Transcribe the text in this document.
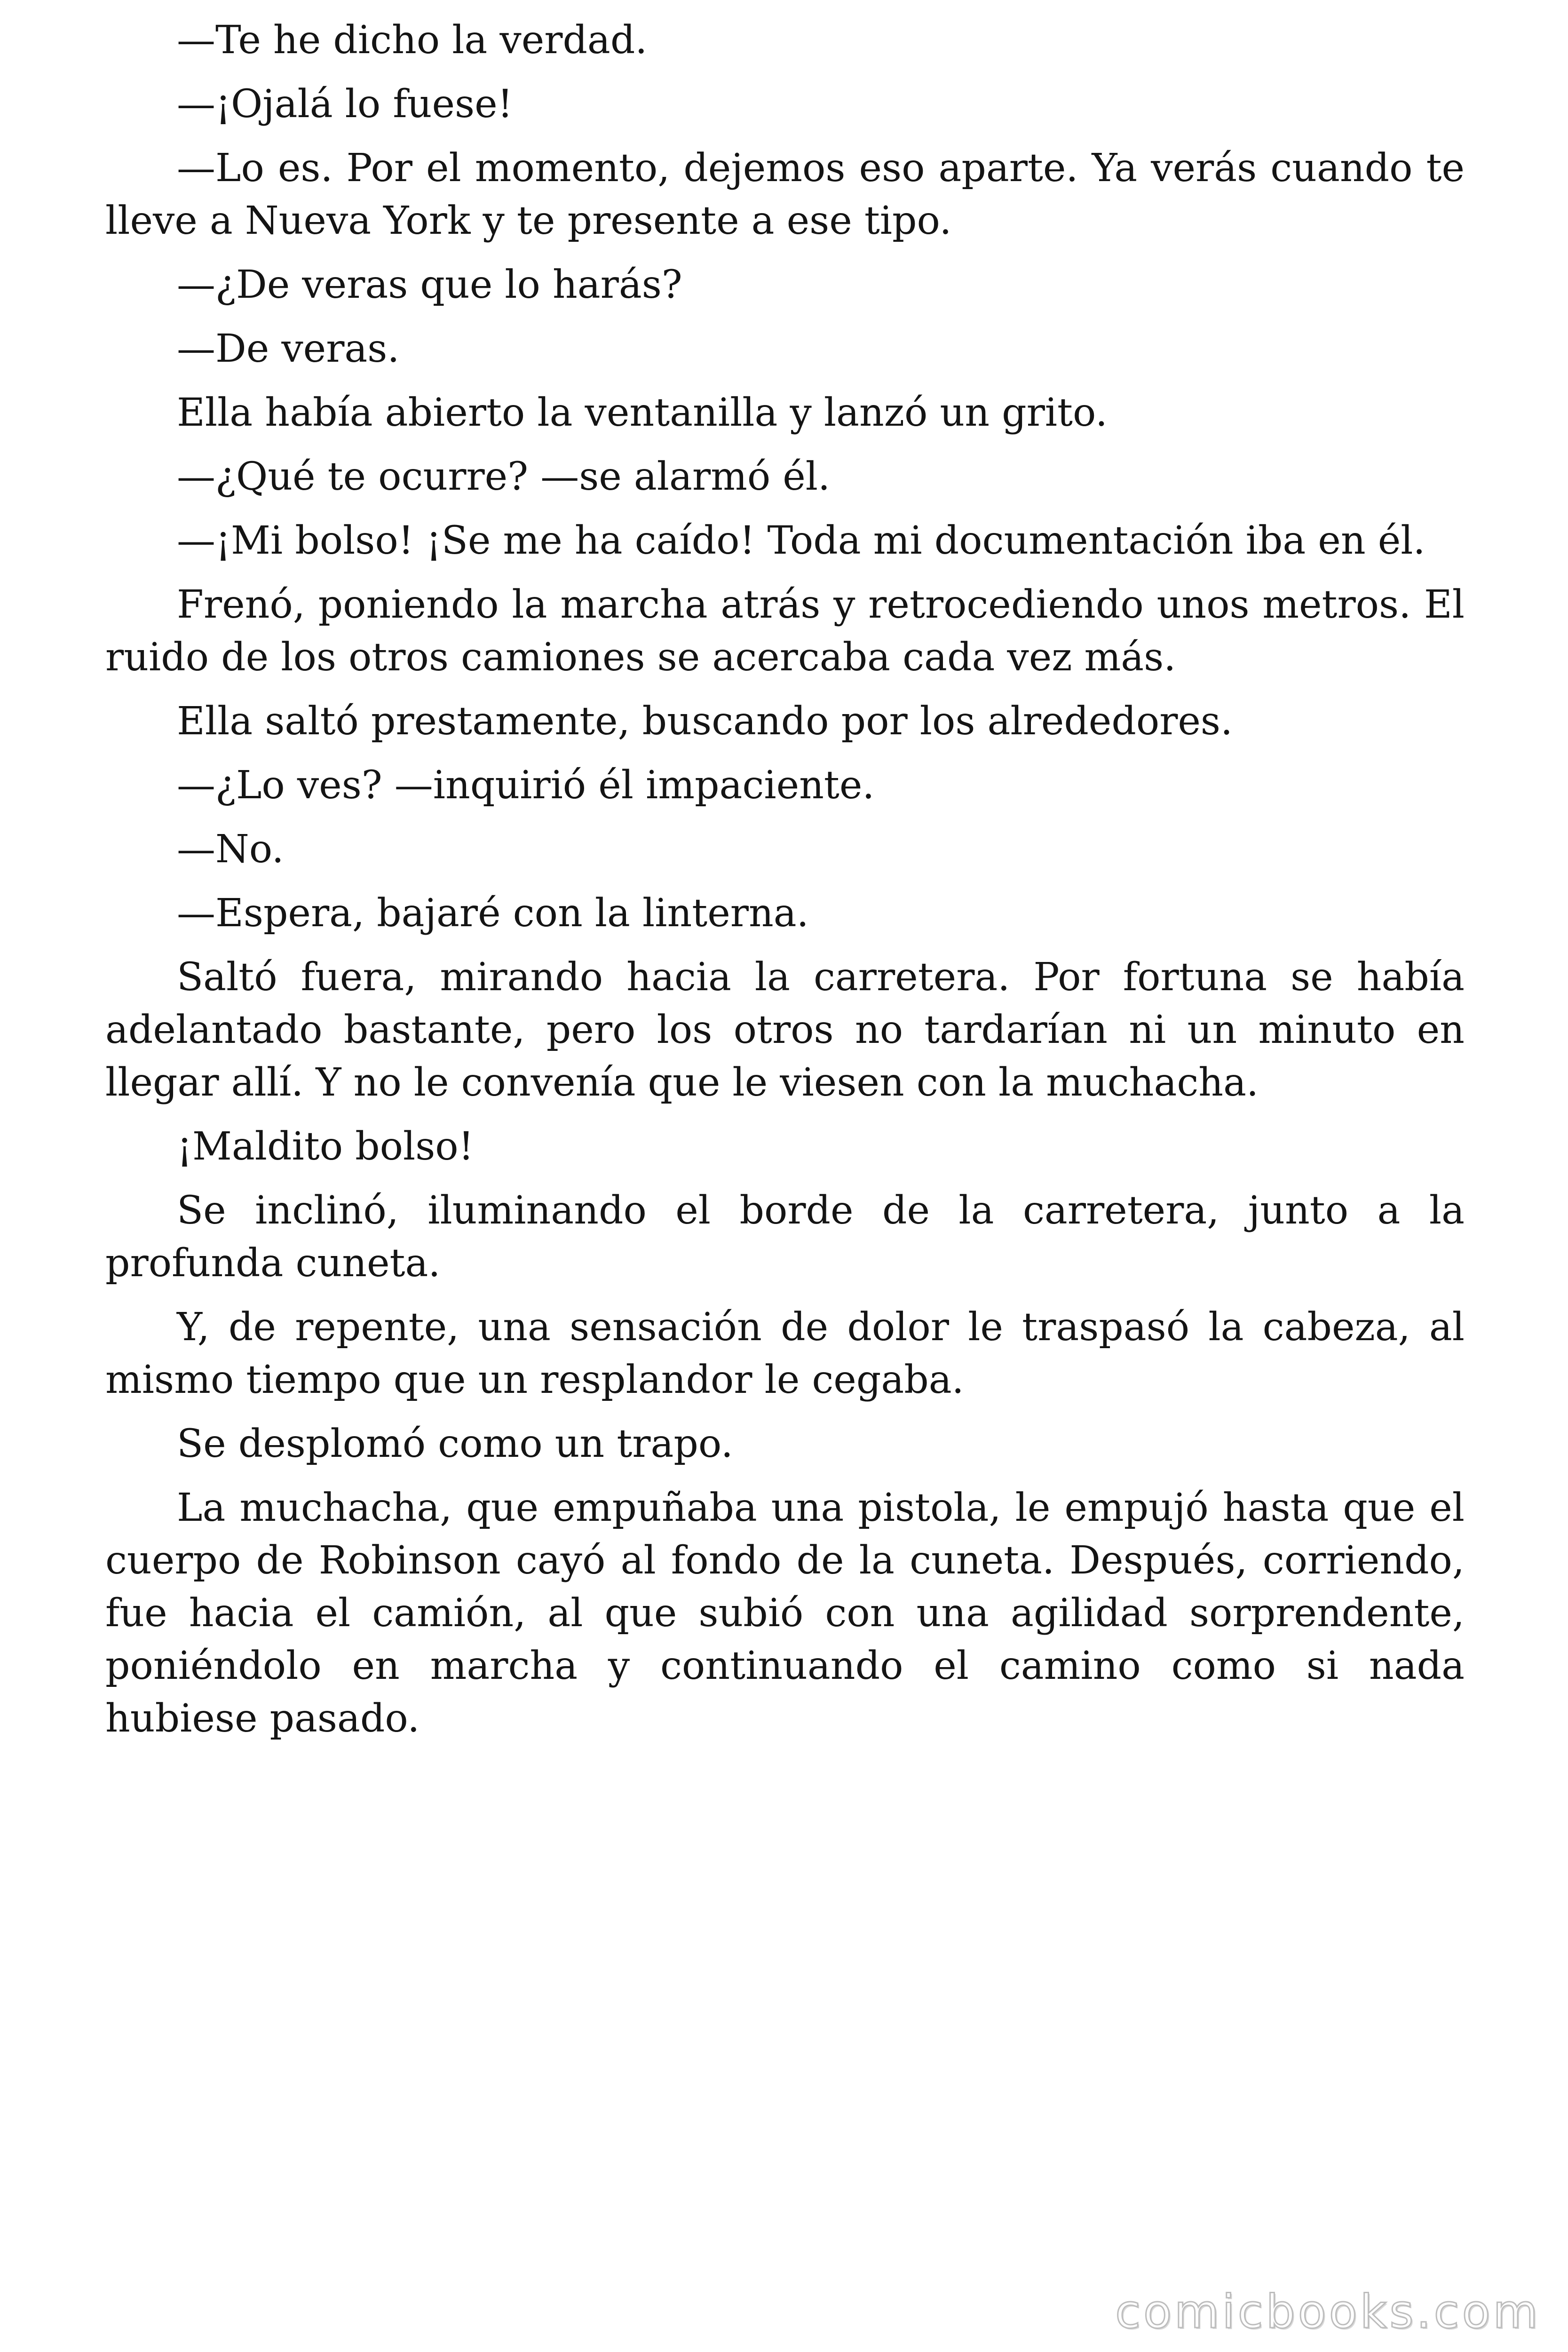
—Te he dicho la verdad.

—¡Ojalá lo fuese!

—Lo es. Por el momento, dejemos eso aparte. Ya verás cuando te lleve a Nueva York y te presente a ese tipo.

—¿De veras que lo harás?

—De veras.

Ella había abierto la ventanilla y lanzó un grito.

—¿Qué te ocurre? —se alarmó él.

—¡Mi bolso! ¡Se me ha caído! Toda mi documentación iba en él.

Frenó, poniendo la marcha atrás y retrocediendo unos metros. El ruido de los otros camiones se acercaba cada vez más.

Ella saltó prestamente, buscando por los alrededores.

—¿Lo ves? —inquirió él impaciente.

—No.

—Espera, bajaré con la linterna.

Saltó fuera, mirando hacia la carretera. Por fortuna se había adelantado bastante, pero los otros no tardarían ni un minuto en llegar allí. Y no le convenía que le viesen con la muchacha.

¡Maldito bolso!

Se inclinó, iluminando el borde de la carretera, junto a la profunda cuneta.

Y, de repente, una sensación de dolor le traspasó la cabeza, al mismo tiempo que un resplandor le cegaba.

Se desplomó como un trapo.

La muchacha, que empuñaba una pistola, le empujó hasta que el cuerpo de Robinson cayó al fondo de la cuneta. Después, corriendo, fue hacia el camión, al que subió con una agilidad sorprendente, poniéndolo en marcha y continuando el camino como si nada hubiese pasado.

comicbooks.com
